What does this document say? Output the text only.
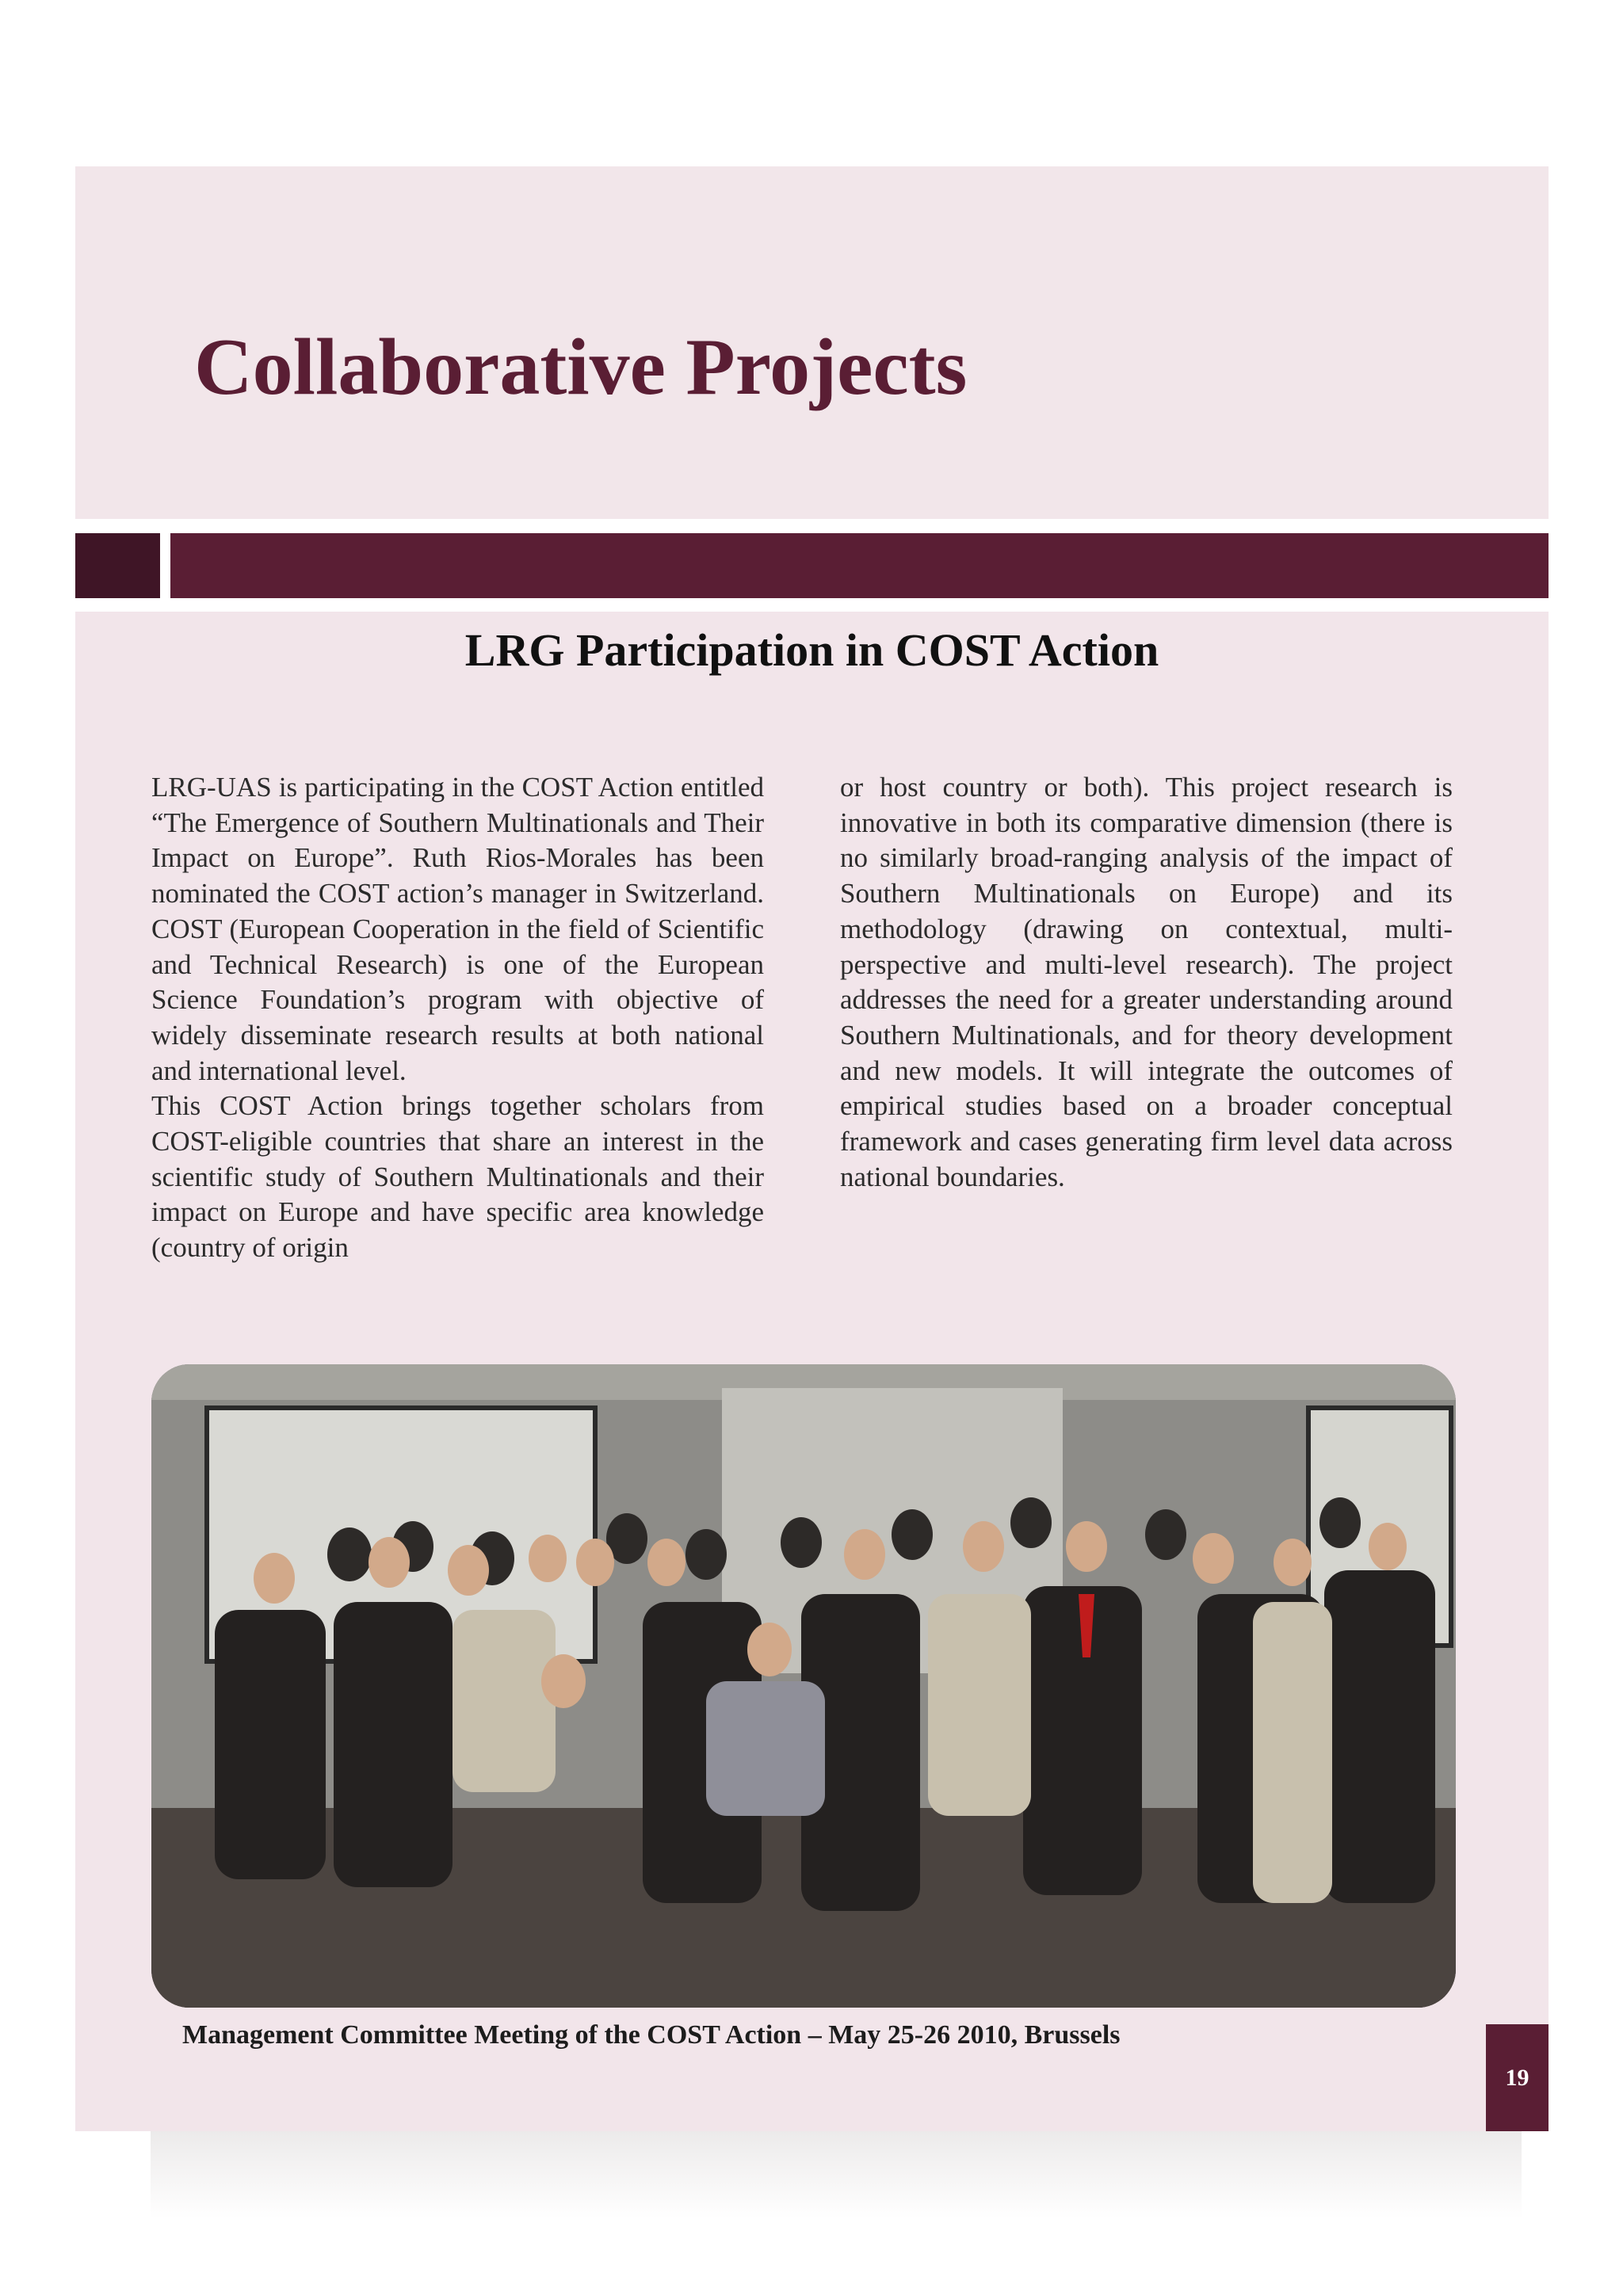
Collaborative Projects
LRG Participation in COST Action

LRG-UAS is participating in the COST Action entitled “The Emergence of Southern Multinationals and Their Impact on Europe”. Ruth Rios-Morales has been nominated the COST action’s manager in Switzerland. COST (European Cooperation in the field of Scientific and Technical Research) is one of the European Science Foundation’s program with objective of widely disseminate research results at both national and international level.

This COST Action brings together scholars from COST-eligible countries that share an interest in the scientific study of Southern Multinationals and their impact on Europe and have specific area knowledge (country of origin

or host country or both). This project research is innovative in both its comparative dimension (there is no similarly broad-ranging analysis of the impact of Southern Multinationals on Europe) and its methodology (drawing on contextual, multi-perspective and multi-level research). The project addresses the need for a greater understanding around Southern Multinationals, and for theory development and new models. It will integrate the outcomes of empirical studies based on a broader conceptual framework and cases generating firm level data across national boundaries.

Management Committee Meeting of the COST Action – May 25-26 2010, Brussels

19
